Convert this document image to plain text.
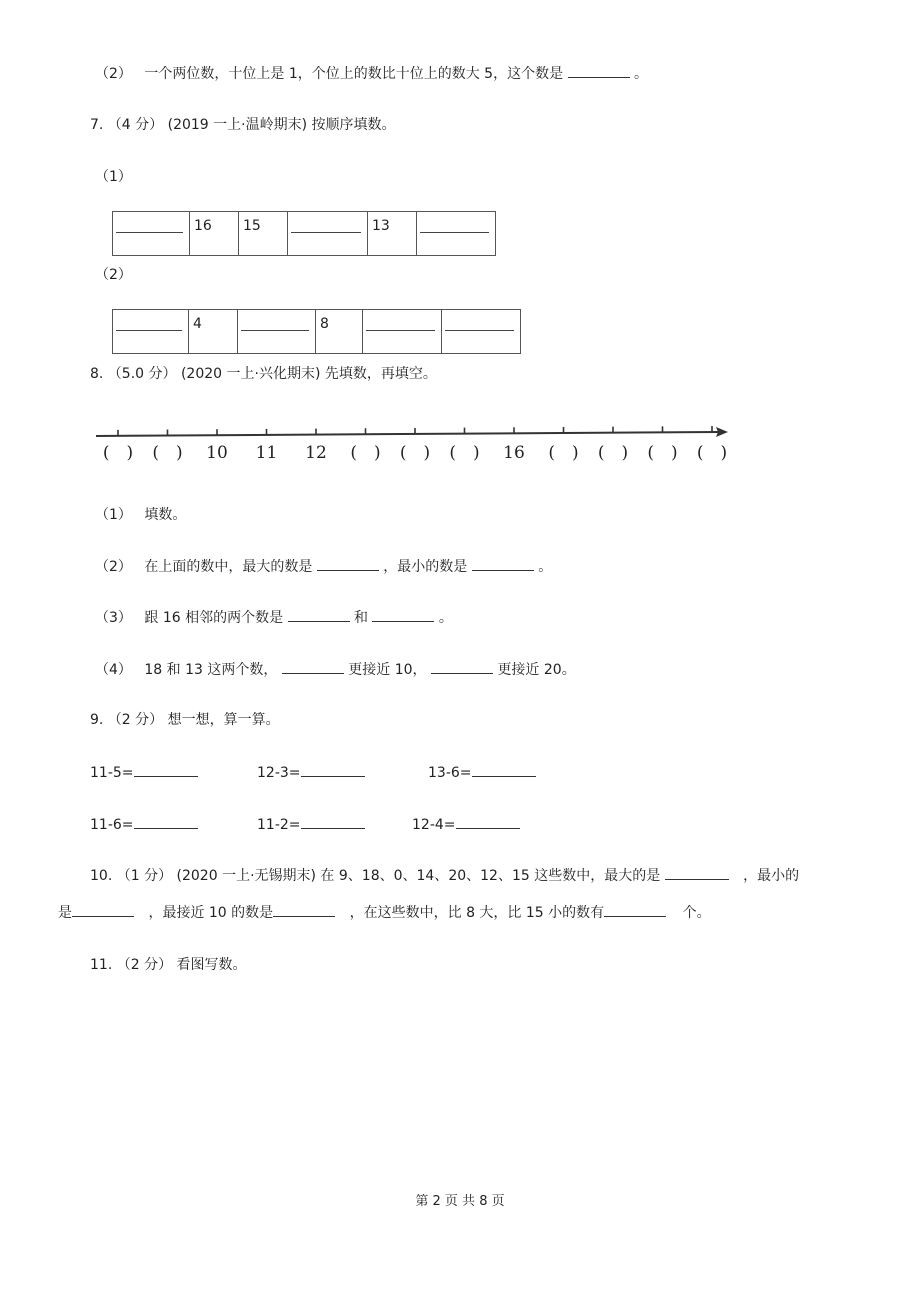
（2） 一个两位数，十位上是 1，个位上的数比十位上的数大 5，这个数是	。
7. （4 分） (2019 一上·温岭期末) 按顺序填数。
（1）

16	15		13

（2）

4		8

8. （5.0 分） (2020 一上·兴化期末) 先填数，再填空。
(　) (　) 10 11 12 (　) (　) (　) 16 (　) (　) (　) (　)
（1） 填数。
（2） 在上面的数中，最大的数是	，最小的数是	。
（3） 跟 16 相邻的两个数是	和	。
（4） 18 和 13 这两个数，	更接近 10，	更接近 20。
9. （2 分） 想一想，算一算。
11-5=	12-3=	13-6=
11-6=	11-2=	12-4=
10. （1 分） (2020 一上·无锡期末) 在 9、18、0、14、20、12、15 这些数中，最大的是	，最小的
是	，最接近 10 的数是	，在这些数中，比 8 大，比 15 小的数有	个。
11. （2 分） 看图写数。
第 2 页 共 8 页
